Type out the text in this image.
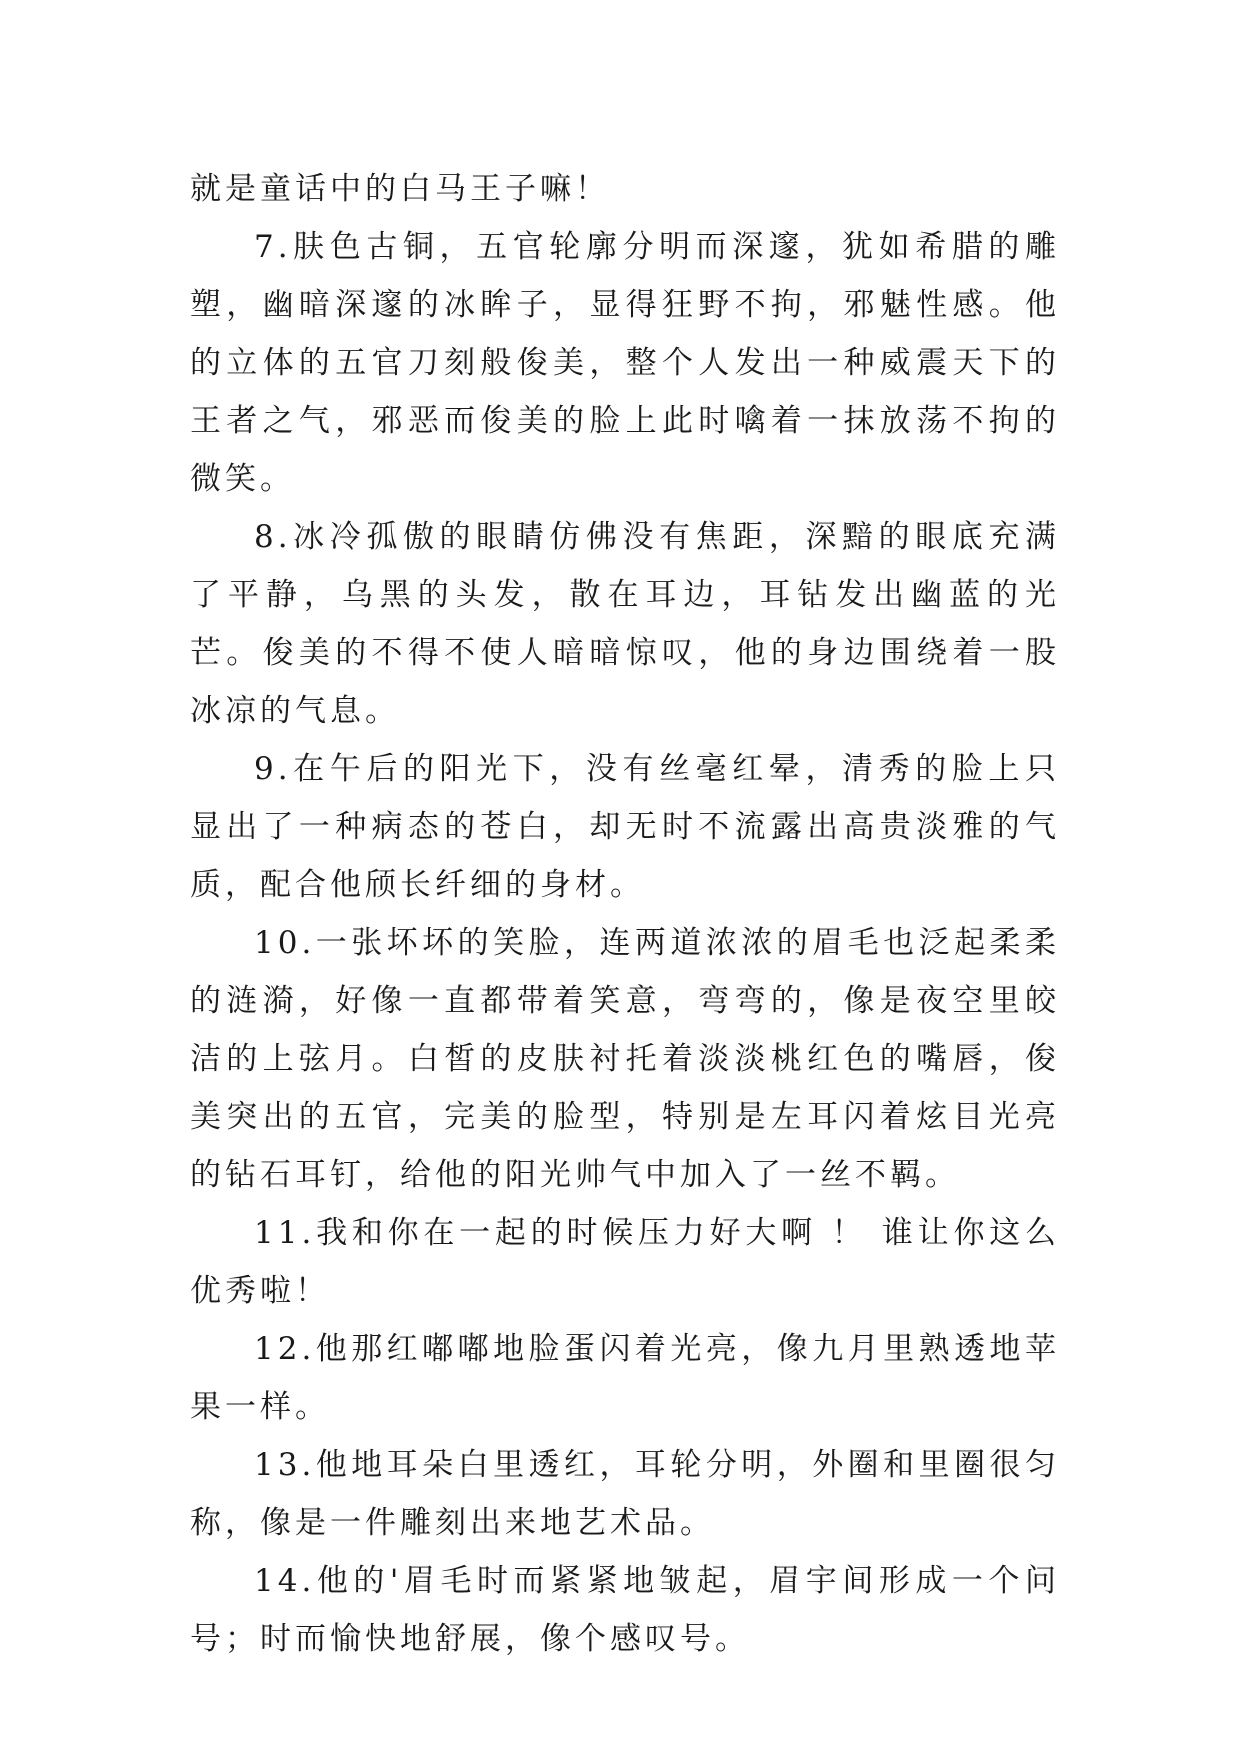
就是童话中的白马王子嘛！

7.肤色古铜，五官轮廓分明而深邃，犹如希腊的雕塑，幽暗深邃的冰眸子，显得狂野不拘，邪魅性感。他的立体的五官刀刻般俊美，整个人发出一种威震天下的王者之气，邪恶而俊美的脸上此时噙着一抹放荡不拘的微笑。

8.冰冷孤傲的眼睛仿佛没有焦距，深黯的眼底充满了平静，乌黑的头发，散在耳边，耳钻发出幽蓝的光芒。俊美的不得不使人暗暗惊叹，他的身边围绕着一股冰凉的气息。

9.在午后的阳光下，没有丝毫红晕，清秀的脸上只显出了一种病态的苍白，却无时不流露出高贵淡雅的气质，配合他颀长纤细的身材。

10.一张坏坏的笑脸，连两道浓浓的眉毛也泛起柔柔的涟漪，好像一直都带着笑意，弯弯的，像是夜空里皎洁的上弦月。白皙的皮肤衬托着淡淡桃红色的嘴唇，俊美突出的五官，完美的脸型，特别是左耳闪着炫目光亮的钻石耳钉，给他的阳光帅气中加入了一丝不羁。

11.我和你在一起的时候压力好大啊 ！ 谁让你这么优秀啦！

12.他那红嘟嘟地脸蛋闪着光亮，像九月里熟透地苹果一样。

13.他地耳朵白里透红，耳轮分明，外圈和里圈很匀称，像是一件雕刻出来地艺术品。

14.他的'眉毛时而紧紧地皱起，眉宇间形成一个问号；时而愉快地舒展，像个感叹号。
